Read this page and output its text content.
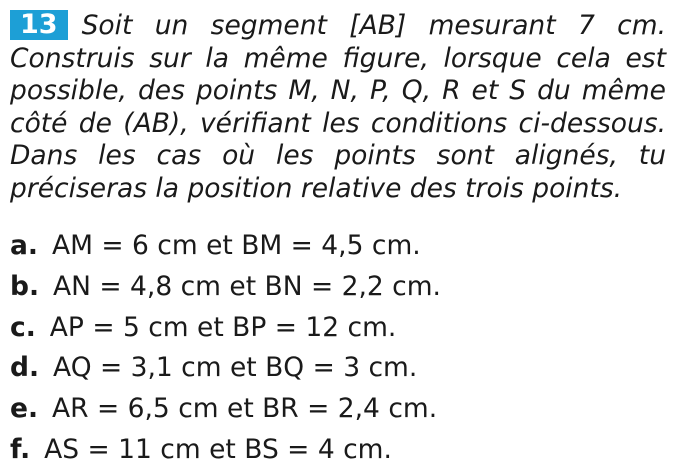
13 Soit un segment [AB] mesurant 7 cm. Construis sur la même figure, lorsque cela est possible, des points M, N, P, Q, R et S du même côté de (AB), vérifiant les conditions ci-dessous. Dans les cas où les points sont alignés, tu préciseras la position relative des trois points.

a. AM = 6 cm et BM = 4,5 cm.
b. AN = 4,8 cm et BN = 2,2 cm.
c. AP = 5 cm et BP = 12 cm.
d. AQ = 3,1 cm et BQ = 3 cm.
e. AR = 6,5 cm et BR = 2,4 cm.
f. AS = 11 cm et BS = 4 cm.
